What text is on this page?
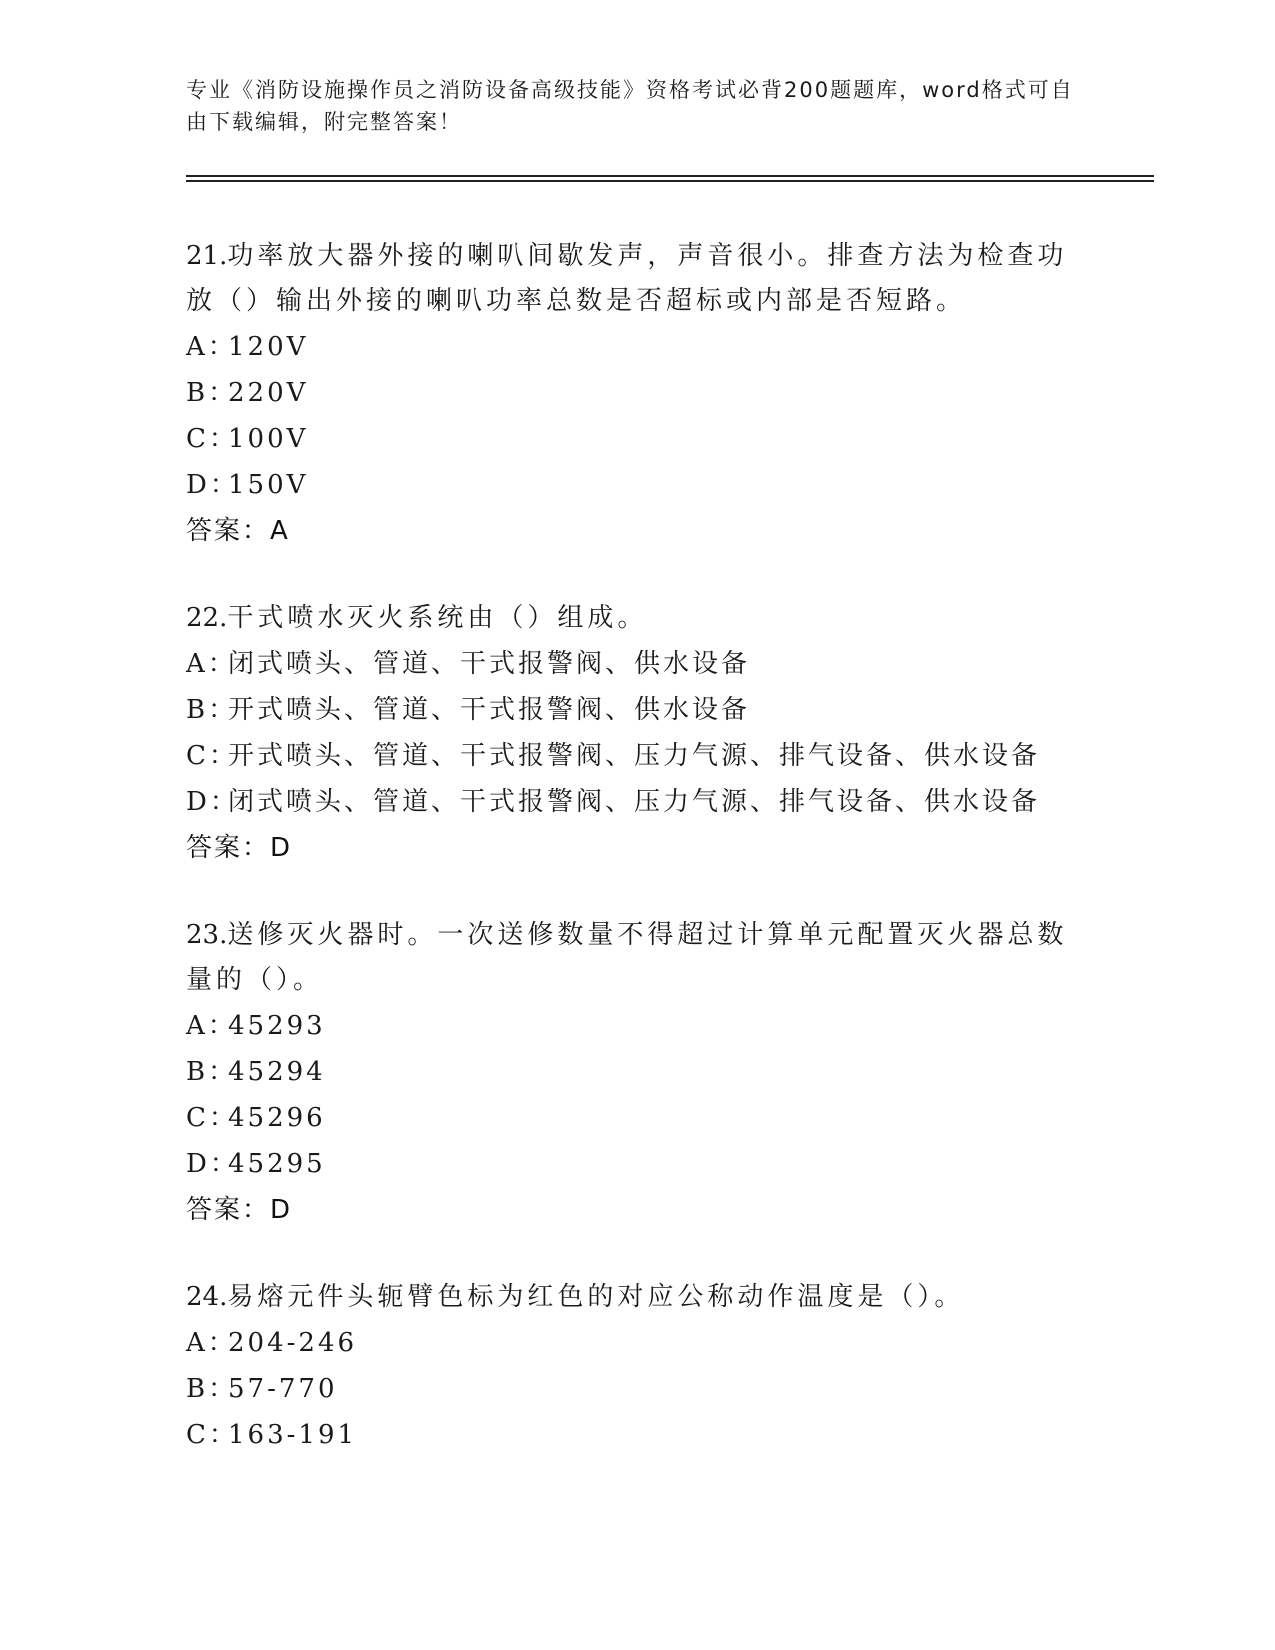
专业《消防设施操作员之消防设备高级技能》资格考试必背200题题库，word格式可自由下载编辑，附完整答案！

21.功率放大器外接的喇叭间歇发声，声音很小。排查方法为检查功放（）输出外接的喇叭功率总数是否超标或内部是否短路。

A：120V

B：220V

C：100V

D：150V

答案：A

22.干式喷水灭火系统由（）组成。

A：闭式喷头、管道、干式报警阀、供水设备

B：开式喷头、管道、干式报警阀、供水设备

C：开式喷头、管道、干式报警阀、压力气源、排气设备、供水设备

D：闭式喷头、管道、干式报警阀、压力气源、排气设备、供水设备

答案：D

23.送修灭火器时。一次送修数量不得超过计算单元配置灭火器总数量的（）。

A：45293

B：45294

C：45296

D：45295

答案：D

24.易熔元件头轭臂色标为红色的对应公称动作温度是（）。

A：204-246

B：57-770

C：163-191
